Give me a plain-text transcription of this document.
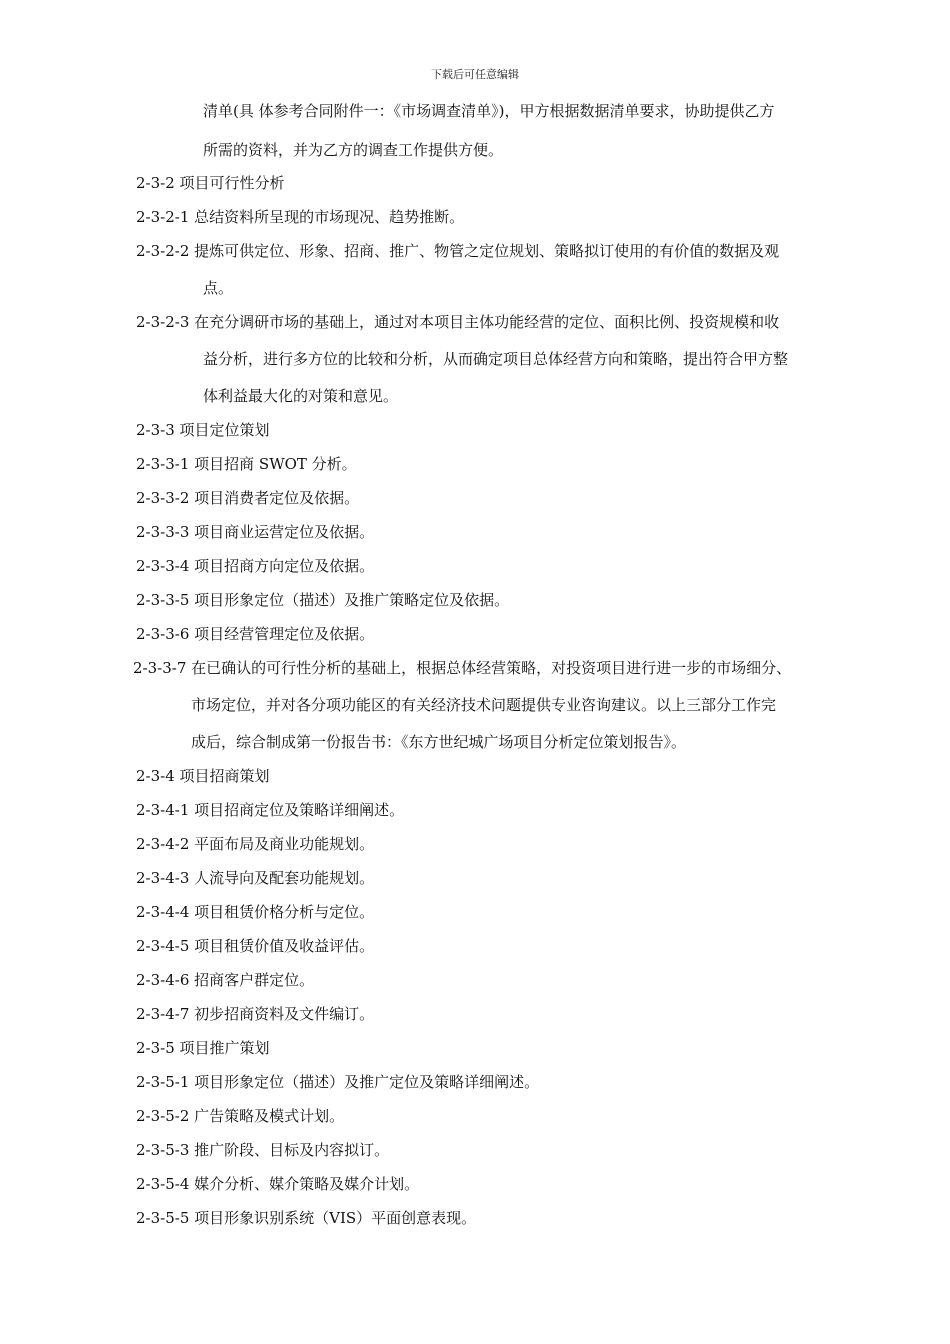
下载后可任意编辑
清单(具 体参考合同附件一：《市场调查清单》)，甲方根据数据清单要求，协助提供乙方
所需的资料，并为乙方的调查工作提供方便。
2-3-2 项目可行性分析
2-3-2-1 总结资料所呈现的市场现况、趋势推断。
2-3-2-2 提炼可供定位、形象、招商、推广、物管之定位规划、策略拟订使用的有价值的数据及观
点。
2-3-2-3 在充分调研市场的基础上，通过对本项目主体功能经营的定位、面积比例、投资规模和收
益分析，进行多方位的比较和分析，从而确定项目总体经营方向和策略，提出符合甲方整
体利益最大化的对策和意见。
2-3-3 项目定位策划
2-3-3-1 项目招商 SWOT 分析。
2-3-3-2 项目消费者定位及依据。
2-3-3-3 项目商业运营定位及依据。
2-3-3-4 项目招商方向定位及依据。
2-3-3-5 项目形象定位（描述）及推广策略定位及依据。
2-3-3-6 项目经营管理定位及依据。
2-3-3-7 在已确认的可行性分析的基础上，根据总体经营策略，对投资项目进行进一步的市场细分、
市场定位，并对各分项功能区的有关经济技术问题提供专业咨询建议。以上三部分工作完
成后，综合制成第一份报告书：《东方世纪城广场项目分析定位策划报告》。
2-3-4 项目招商策划
2-3-4-1 项目招商定位及策略详细阐述。
2-3-4-2 平面布局及商业功能规划。
2-3-4-3 人流导向及配套功能规划。
2-3-4-4 项目租赁价格分析与定位。
2-3-4-5 项目租赁价值及收益评估。
2-3-4-6 招商客户群定位。
2-3-4-7 初步招商资料及文件编订。
2-3-5 项目推广策划
2-3-5-1 项目形象定位（描述）及推广定位及策略详细阐述。
2-3-5-2 广告策略及模式计划。
2-3-5-3 推广阶段、目标及内容拟订。
2-3-5-4 媒介分析、媒介策略及媒介计划。
2-3-5-5 项目形象识别系统（VIS）平面创意表现。
